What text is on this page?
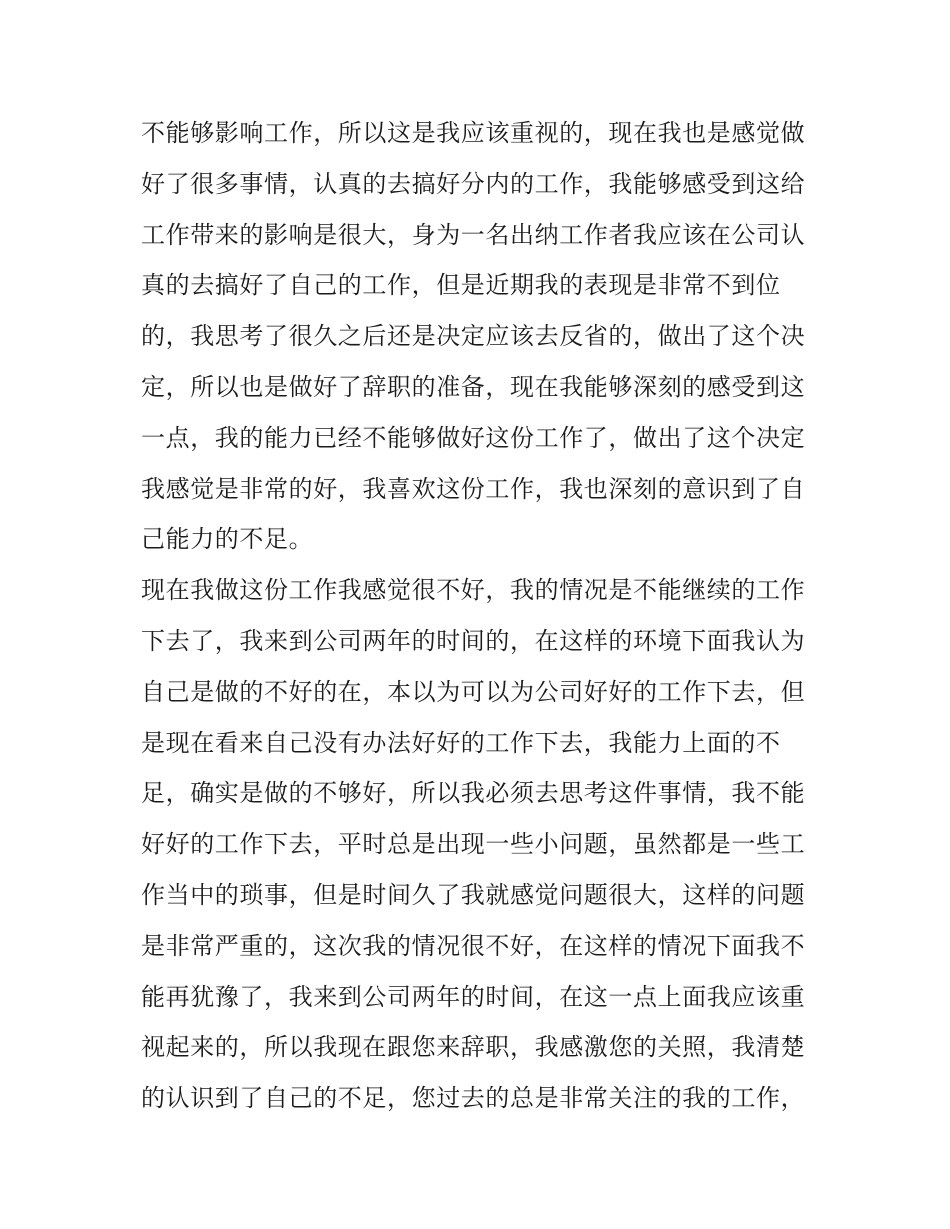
不能够影响工作，所以这是我应该重视的，现在我也是感觉做
好了很多事情，认真的去搞好分内的工作，我能够感受到这给
工作带来的影响是很大，身为一名出纳工作者我应该在公司认
真的去搞好了自己的工作，但是近期我的表现是非常不到位
的，我思考了很久之后还是决定应该去反省的，做出了这个决
定，所以也是做好了辞职的准备，现在我能够深刻的感受到这
一点，我的能力已经不能够做好这份工作了，做出了这个决定
我感觉是非常的好，我喜欢这份工作，我也深刻的意识到了自
己能力的不足。
现在我做这份工作我感觉很不好，我的情况是不能继续的工作
下去了，我来到公司两年的时间的，在这样的环境下面我认为
自己是做的不好的在，本以为可以为公司好好的工作下去，但
是现在看来自己没有办法好好的工作下去，我能力上面的不
足，确实是做的不够好，所以我必须去思考这件事情，我不能
好好的工作下去，平时总是出现一些小问题，虽然都是一些工
作当中的琐事，但是时间久了我就感觉问题很大，这样的问题
是非常严重的，这次我的情况很不好，在这样的情况下面我不
能再犹豫了，我来到公司两年的时间，在这一点上面我应该重
视起来的，所以我现在跟您来辞职，我感激您的关照，我清楚
的认识到了自己的不足，您过去的总是非常关注的我的工作，
